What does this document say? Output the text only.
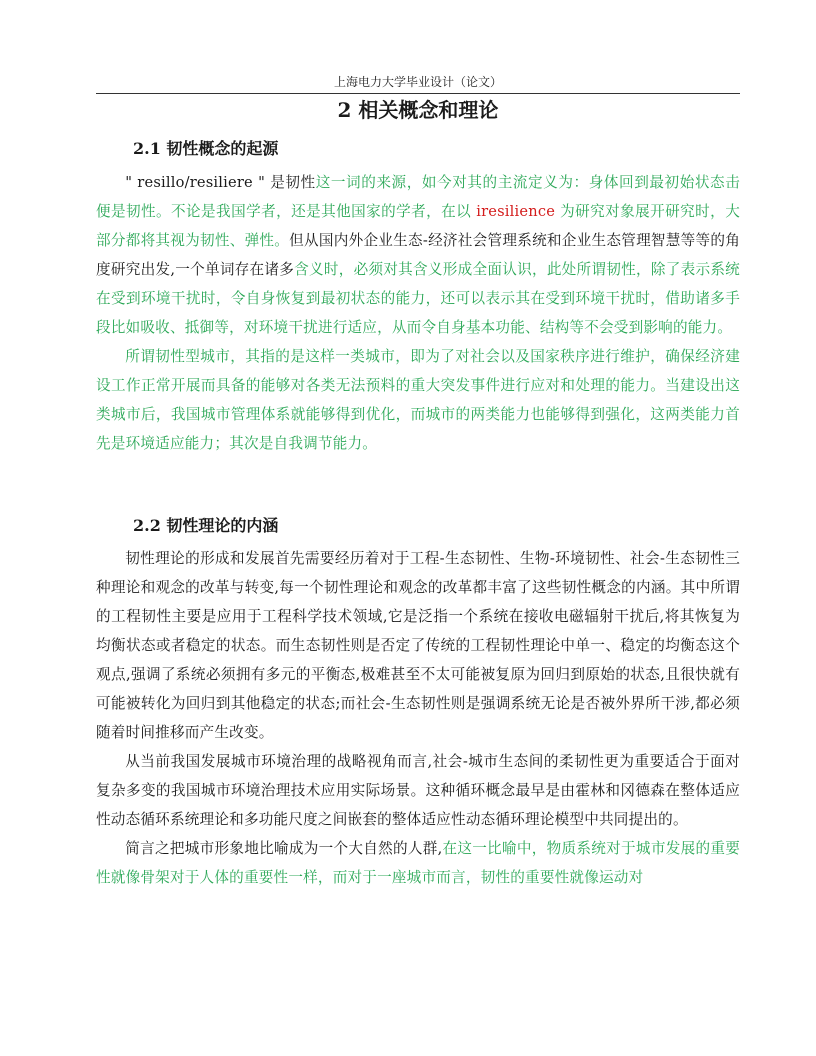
上海电力大学毕业设计（论文）
2 相关概念和理论
2.1 韧性概念的起源

" resillo/resiliere " 是韧性这一词的来源，如今对其的主流定义为：身体回到最初始状态击便是韧性。不论是我国学者，还是其他国家的学者，在以 iresilience 为研究对象展开研究时，大部分都将其视为韧性、弹性。但从国内外企业生态-经济社会管理系统和企业生态管理智慧等等的角度研究出发,一个单词存在诸多含义时，必须对其含义形成全面认识，此处所谓韧性，除了表示系统在受到环境干扰时，令自身恢复到最初状态的能力，还可以表示其在受到环境干扰时，借助诸多手段比如吸收、抵御等，对环境干扰进行适应，从而令自身基本功能、结构等不会受到影响的能力。

所谓韧性型城市，其指的是这样一类城市，即为了对社会以及国家秩序进行维护，确保经济建设工作正常开展而具备的能够对各类无法预料的重大突发事件进行应对和处理的能力。当建设出这类城市后，我国城市管理体系就能够得到优化，而城市的两类能力也能够得到强化，这两类能力首先是环境适应能力；其次是自我调节能力。

2.2 韧性理论的内涵

韧性理论的形成和发展首先需要经历着对于工程-生态韧性、生物-环境韧性、社会-生态韧性三种理论和观念的改革与转变,每一个韧性理论和观念的改革都丰富了这些韧性概念的内涵。其中所谓的工程韧性主要是应用于工程科学技术领域,它是泛指一个系统在接收电磁辐射干扰后,将其恢复为均衡状态或者稳定的状态。而生态韧性则是否定了传统的工程韧性理论中单一、稳定的均衡态这个观点,强调了系统必须拥有多元的平衡态,极难甚至不太可能被复原为回归到原始的状态,且很快就有可能被转化为回归到其他稳定的状态;而社会-生态韧性则是强调系统无论是否被外界所干涉,都必须随着时间推移而产生改变。

从当前我国发展城市环境治理的战略视角而言,社会-城市生态间的柔韧性更为重要适合于面对复杂多变的我国城市环境治理技术应用实际场景。这种循环概念最早是由霍林和冈德森在整体适应性动态循环系统理论和多功能尺度之间嵌套的整体适应性动态循环理论模型中共同提出的。

简言之把城市形象地比喻成为一个大自然的人群,在这一比喻中，物质系统对于城市发展的重要性就像骨架对于人体的重要性一样，而对于一座城市而言，韧性的重要性就像运动对
